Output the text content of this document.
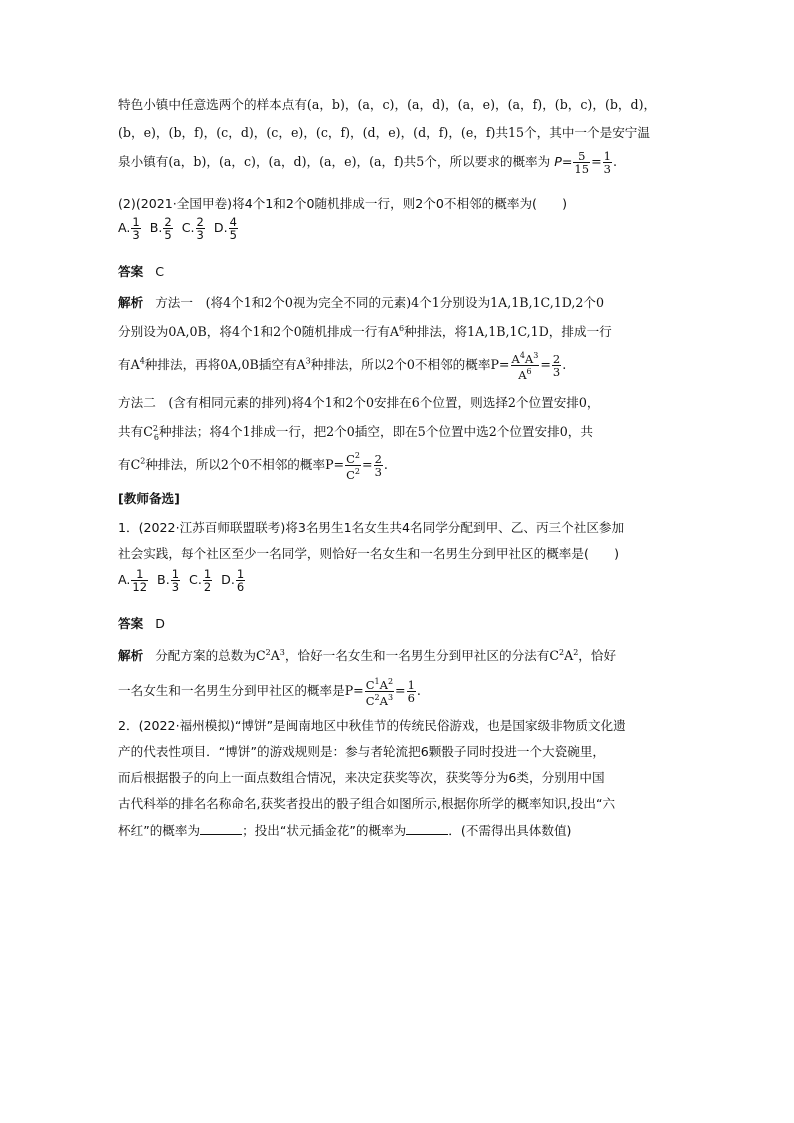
特色小镇中任意选两个的样本点有(a，b)，(a，c)，(a，d)，(a，e)，(a，f)，(b，c)，(b，d)，
(b，e)，(b，f)，(c，d)，(c，e)，(c，f)，(d，e)，(d，f)，(e，f)共15个，其中一个是安宁温
泉小镇有(a，b)，(a，c)，(a，d)，(a，e)，(a，f)共5个，所以要求的概率为 $P= \frac{5}{15} = \frac{1}{3}$ .
(2)(2021·全国甲卷)将4个1和2个0随机排成一行，则2个0不相邻的概率为(　　)
A. $\frac{1}{3} B$. $\frac{2}{5} C$. $\frac{2}{3} D$. $\frac{4}{5}$
答案 C
解析 方法一　(将4个1和2个0视为完全不同的元素)4个1分别设为1A,1B,1C,1D,2个0
分别设为0A,0B，将4个1和2个0随机排成一行有$A^6$种排法，将1A,1B,1C,1D，排成一行
有$A^4$种排法，再将0A,0B插空有$A^3$种排法，所以2个0不相邻的概率$P= \frac{A^4A^3}{A^6} = \frac{2}{3}$ .
方法二　(含有相同元素的排列)将4个1和2个0安排在6个位置，则选择2个位置安排0，
共有$C^2_6$种排法；将4个1排成一行，把2个0插空，即在5个位置中选2个位置安排0，共
有$C^2$种排法，所以2个0不相邻的概率$P= \frac{C^2}{C^2} = \frac{2}{3}$ .
[教师备选]
1．(2022·江苏百师联盟联考)将3名男生1名女生共4名同学分配到甲、乙、丙三个社区参加
社会实践，每个社区至少一名同学，则恰好一名女生和一名男生分到甲社区的概率是(　　)
A. $\frac{1}{12} B$. $\frac{1}{3} C$. $\frac{1}{2} D$. $\frac{1}{6}$
答案 D
解析 分配方案的总数为$C^2A^3$，恰好一名女生和一名男生分到甲社区的分法有$C^2A^2$，恰好
一名女生和一名男生分到甲社区的概率是$P= \frac{C^1A^2}{C^2A^3} = \frac{1}{6}$ .
2．(2022·福州模拟)“博饼”是闽南地区中秋佳节的传统民俗游戏，也是国家级非物质文化遗
产的代表性项目．“博饼”的游戏规则是：参与者轮流把6颗骰子同时投进一个大瓷碗里，
而后根据骰子的向上一面点数组合情况，来决定获奖等次，获奖等分为6类，分别用中国
古代科举的排名名称命名,获奖者投出的骰子组合如图所示,根据你所学的概率知识,投出“六
杯红”的概率为	；投出“状元插金花”的概率为	．(不需得出具体数值)
